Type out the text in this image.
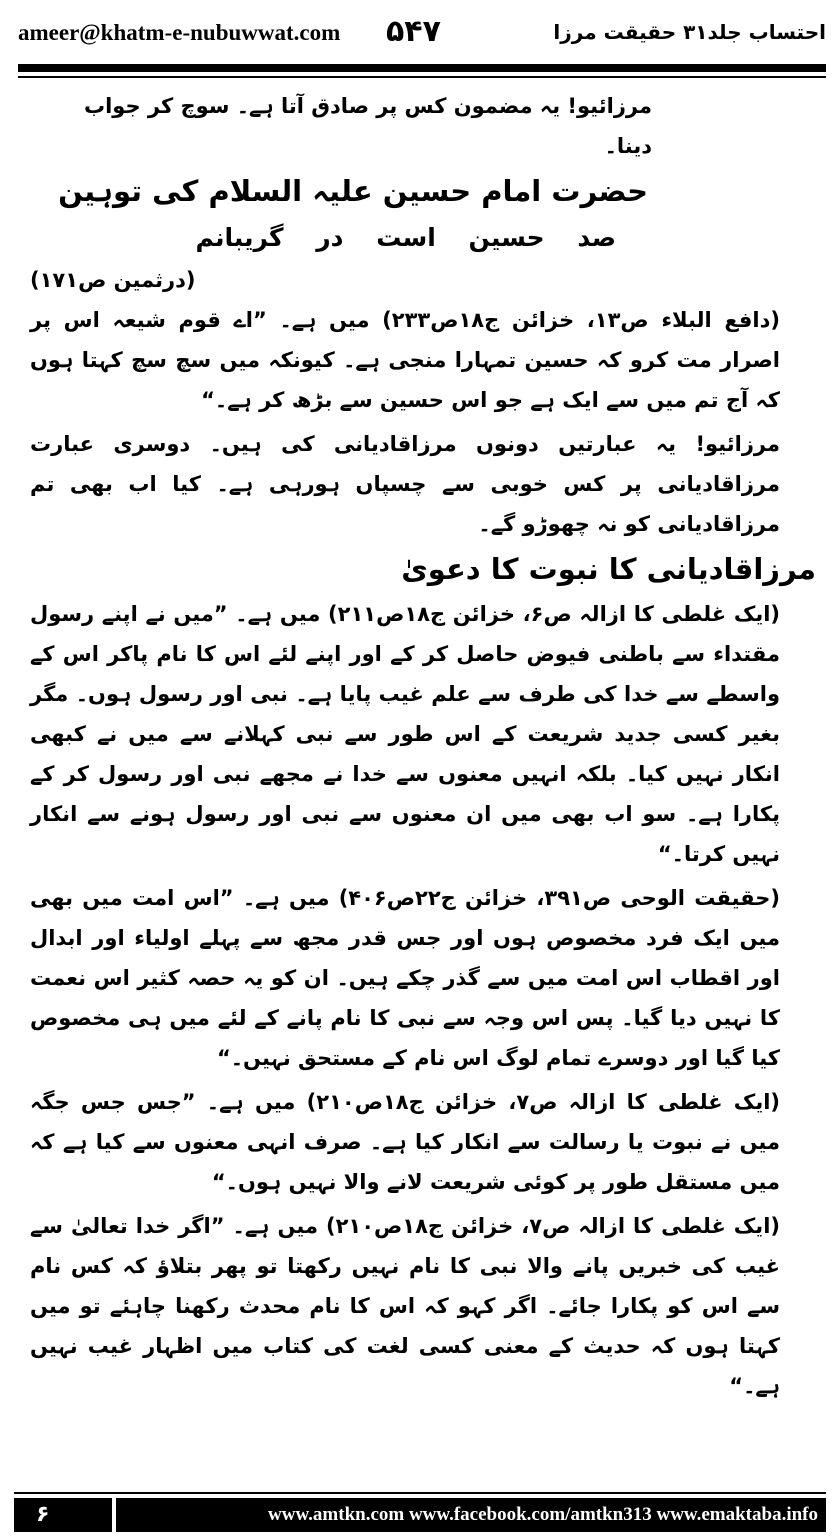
ameer@khatm-e-nubuwwat.com ۵۴۷	احتساب جلد۳۱ حقیقت مرزا

مرزائیو! یہ مضمون کس پر صادق آتا ہے۔ سوچ کر جواب دینا۔

حضرت امام حسین علیہ السلام کی توہین

صد حسین است در گریبانم

(درثمین ص۱۷۱)

(دافع البلاء ص۱۳، خزائن ج۱۸ص۲۳۳) میں ہے۔ ”اے قوم شیعہ اس پر اصرار مت کرو کہ حسین تمہارا منجی ہے۔ کیونکہ میں سچ سچ کہتا ہوں کہ آج تم میں سے ایک ہے جو اس حسین سے بڑھ کر ہے۔“

مرزائیو! یہ عبارتیں دونوں مرزاقادیانی کی ہیں۔ دوسری عبارت مرزاقادیانی پر کس خوبی سے چسپاں ہورہی ہے۔ کیا اب بھی تم مرزاقادیانی کو نہ چھوڑو گے۔

مرزاقادیانی کا نبوت کا دعویٰ

(ایک غلطی کا ازالہ ص۶، خزائن ج۱۸ص۲۱۱) میں ہے۔ ”میں نے اپنے رسول مقتداء سے باطنی فیوض حاصل کر کے اور اپنے لئے اس کا نام پاکر اس کے واسطے سے خدا کی طرف سے علم غیب پایا ہے۔ نبی اور رسول ہوں۔ مگر بغیر کسی جدید شریعت کے اس طور سے نبی کہلانے سے میں نے کبھی انکار نہیں کیا۔ بلکہ انہیں معنوں سے خدا نے مجھے نبی اور رسول کر کے پکارا ہے۔ سو اب بھی میں ان معنوں سے نبی اور رسول ہونے سے انکار نہیں کرتا۔“

(حقیقت الوحی ص۳۹۱، خزائن ج۲۲ص۴۰۶) میں ہے۔ ”اس امت میں بھی میں ایک فرد مخصوص ہوں اور جس قدر مجھ سے پہلے اولیاء اور ابدال اور اقطاب اس امت میں سے گذر چکے ہیں۔ ان کو یہ حصہ کثیر اس نعمت کا نہیں دیا گیا۔ پس اس وجہ سے نبی کا نام پانے کے لئے میں ہی مخصوص کیا گیا اور دوسرے تمام لوگ اس نام کے مستحق نہیں۔“

(ایک غلطی کا ازالہ ص۷، خزائن ج۱۸ص۲۱۰) میں ہے۔ ”جس جس جگہ میں نے نبوت یا رسالت سے انکار کیا ہے۔ صرف انہی معنوں سے کیا ہے کہ میں مستقل طور پر کوئی شریعت لانے والا نہیں ہوں۔“

(ایک غلطی کا ازالہ ص۷، خزائن ج۱۸ص۲۱۰) میں ہے۔ ”اگر خدا تعالیٰ سے غیب کی خبریں پانے والا نبی کا نام نہیں رکھتا تو پھر بتلاؤ کہ کس نام سے اس کو پکارا جائے۔ اگر کہو کہ اس کا نام محدث رکھنا چاہئے تو میں کہتا ہوں کہ حدیث کے معنی کسی لغت کی کتاب میں اظہار غیب نہیں ہے۔“

۶	www.amtkn.com www.facebook.com/amtkn313 www.emaktaba.info
